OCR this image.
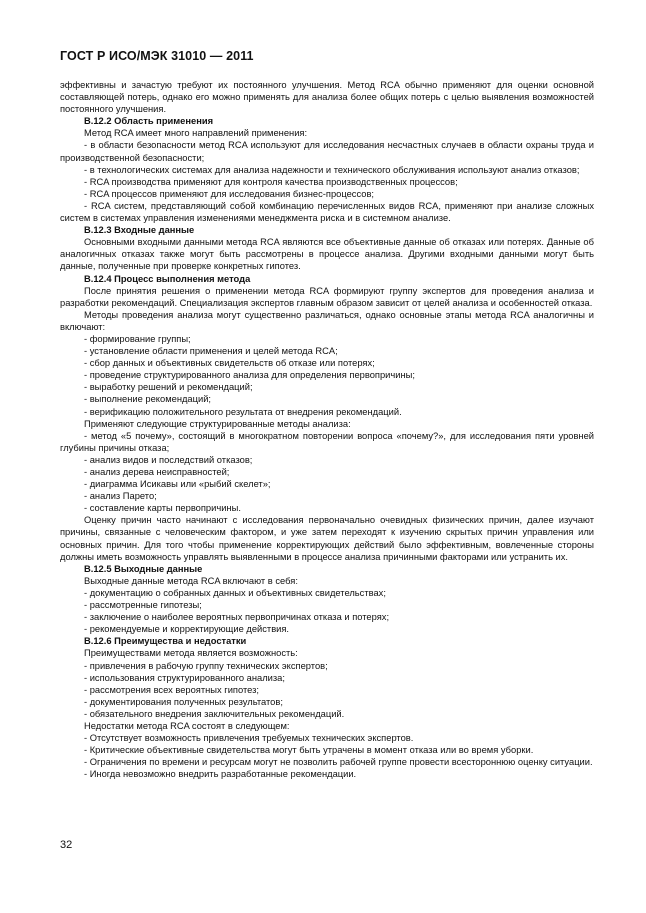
ГОСТ Р ИСО/МЭК 31010 — 2011

эффективны и зачастую требуют их постоянного улучшения. Метод RCA обычно применяют для оценки основной составляющей потерь, однако его можно применять для анализа более общих потерь с целью выявления возможностей постоянного улучшения.

В.12.2 Область применения

Метод RCA имеет много направлений применения:

- в области безопасности метод RCA используют для исследования несчастных случаев в области охраны труда и производственной безопасности;

- в технологических системах для анализа надежности и технического обслуживания используют анализ отказов;

- RCA производства применяют для контроля качества производственных процессов;

- RCA процессов применяют для исследования бизнес-процессов;

- RCA систем, представляющий собой комбинацию перечисленных видов RCA, применяют при анализе сложных систем в системах управления изменениями менеджмента риска и в системном анализе.

В.12.3 Входные данные

Основными входными данными метода RCA являются все объективные данные об отказах или потерях. Данные об аналогичных отказах также могут быть рассмотрены в процессе анализа. Другими входными данными могут быть данные, полученные при проверке конкретных гипотез.

В.12.4 Процесс выполнения метода

После принятия решения о применении метода RCA формируют группу экспертов для проведения анализа и разработки рекомендаций. Специализация экспертов главным образом зависит от целей анализа и особенностей отказа.

Методы проведения анализа могут существенно различаться, однако основные этапы метода RCA аналогичны и включают:

- формирование группы;

- установление области применения и целей метода RCA;

- сбор данных и объективных свидетельств об отказе или потерях;

- проведение структурированного анализа для определения первопричины;

- выработку решений и рекомендаций;

- выполнение рекомендаций;

- верификацию положительного результата от внедрения рекомендаций.

Применяют следующие структурированные методы анализа:

- метод «5 почему», состоящий в многократном повторении вопроса «почему?», для исследования пяти уровней глубины причины отказа;

- анализ видов и последствий отказов;

- анализ дерева неисправностей;

- диаграмма Исикавы или «рыбий скелет»;

- анализ Парето;

- составление карты первопричины.

Оценку причин часто начинают с исследования первоначально очевидных физических причин, далее изучают причины, связанные с человеческим фактором, и уже затем переходят к изучению скрытых причин управления или основных причин. Для того чтобы применение корректирующих действий было эффективным, вовлеченные стороны должны иметь возможность управлять выявленными в процессе анализа причинными факторами или устранить их.

В.12.5 Выходные данные

Выходные данные метода RCA включают в себя:

- документацию о собранных данных и объективных свидетельствах;

- рассмотренные гипотезы;

- заключение о наиболее вероятных первопричинах отказа и потерях;

- рекомендуемые и корректирующие действия.

В.12.6 Преимущества и недостатки

Преимуществами метода является возможность:

- привлечения в рабочую группу технических экспертов;

- использования структурированного анализа;

- рассмотрения всех вероятных гипотез;

- документирования полученных результатов;

- обязательного внедрения заключительных рекомендаций.

Недостатки метода RCA состоят в следующем:

- Отсутствует возможность привлечения требуемых технических экспертов.

- Критические объективные свидетельства могут быть утрачены в момент отказа или во время уборки.

- Ограничения по времени и ресурсам могут не позволить рабочей группе провести всестороннюю оценку ситуации.

- Иногда невозможно внедрить разработанные рекомендации.

32
